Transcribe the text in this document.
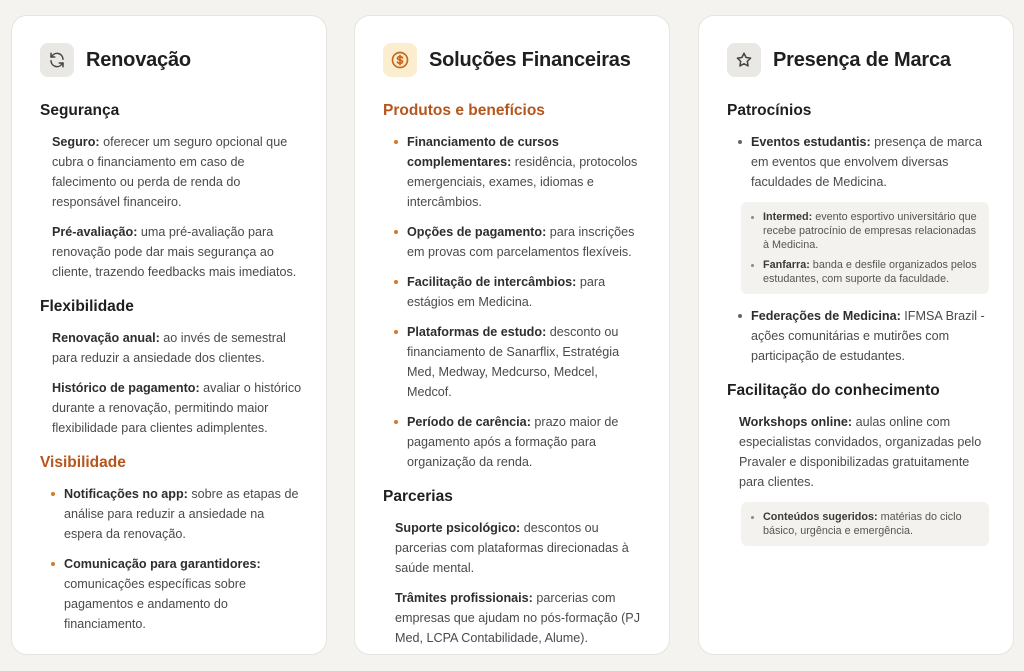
Renovação
Segurança

Seguro: oferecer um seguro opcional que cubra o financiamento em caso de falecimento ou perda de renda do responsável financeiro.

Pré-avaliação: uma pré-avaliação para renovação pode dar mais segurança ao cliente, trazendo feedbacks mais imediatos.

Flexibilidade

Renovação anual: ao invés de semestral para reduzir a ansiedade dos clientes.

Histórico de pagamento: avaliar o histórico durante a renovação, permitindo maior flexibilidade para clientes adimplentes.

Visibilidade
Notificações no app: sobre as etapas de análise para reduzir a ansiedade na espera da renovação.
Comunicação para garantidores: comunicações específicas sobre pagamentos e andamento do financiamento.
Soluções Financeiras
Produtos e benefícios
Financiamento de cursos complementares: residência, protocolos emergenciais, exames, idiomas e intercâmbios.
Opções de pagamento: para inscrições em provas com parcelamentos flexíveis.
Facilitação de intercâmbios: para estágios em Medicina.
Plataformas de estudo: desconto ou financiamento de Sanarflix, Estratégia Med, Medway, Medcurso, Medcel, Medcof.
Período de carência: prazo maior de pagamento após a formação para organização da renda.
Parcerias

Suporte psicológico: descontos ou parcerias com plataformas direcionadas à saúde mental.

Trâmites profissionais: parcerias com empresas que ajudam no pós-formação (PJ Med, LCPA Contabilidade, Alume).

Presença de Marca
Patrocínios
Eventos estudantis: presença de marca em eventos que envolvem diversas faculdades de Medicina.
Intermed: evento esportivo universitário que recebe patrocínio de empresas relacionadas à Medicina.
Fanfarra: banda e desfile organizados pelos estudantes, com suporte da faculdade.
Federações de Medicina: IFMSA Brazil - ações comunitárias e mutirões com participação de estudantes.
Facilitação do conhecimento

Workshops online: aulas online com especialistas convidados, organizadas pelo Pravaler e disponibilizadas gratuitamente para clientes.

Conteúdos sugeridos: matérias do ciclo básico, urgência e emergência.
